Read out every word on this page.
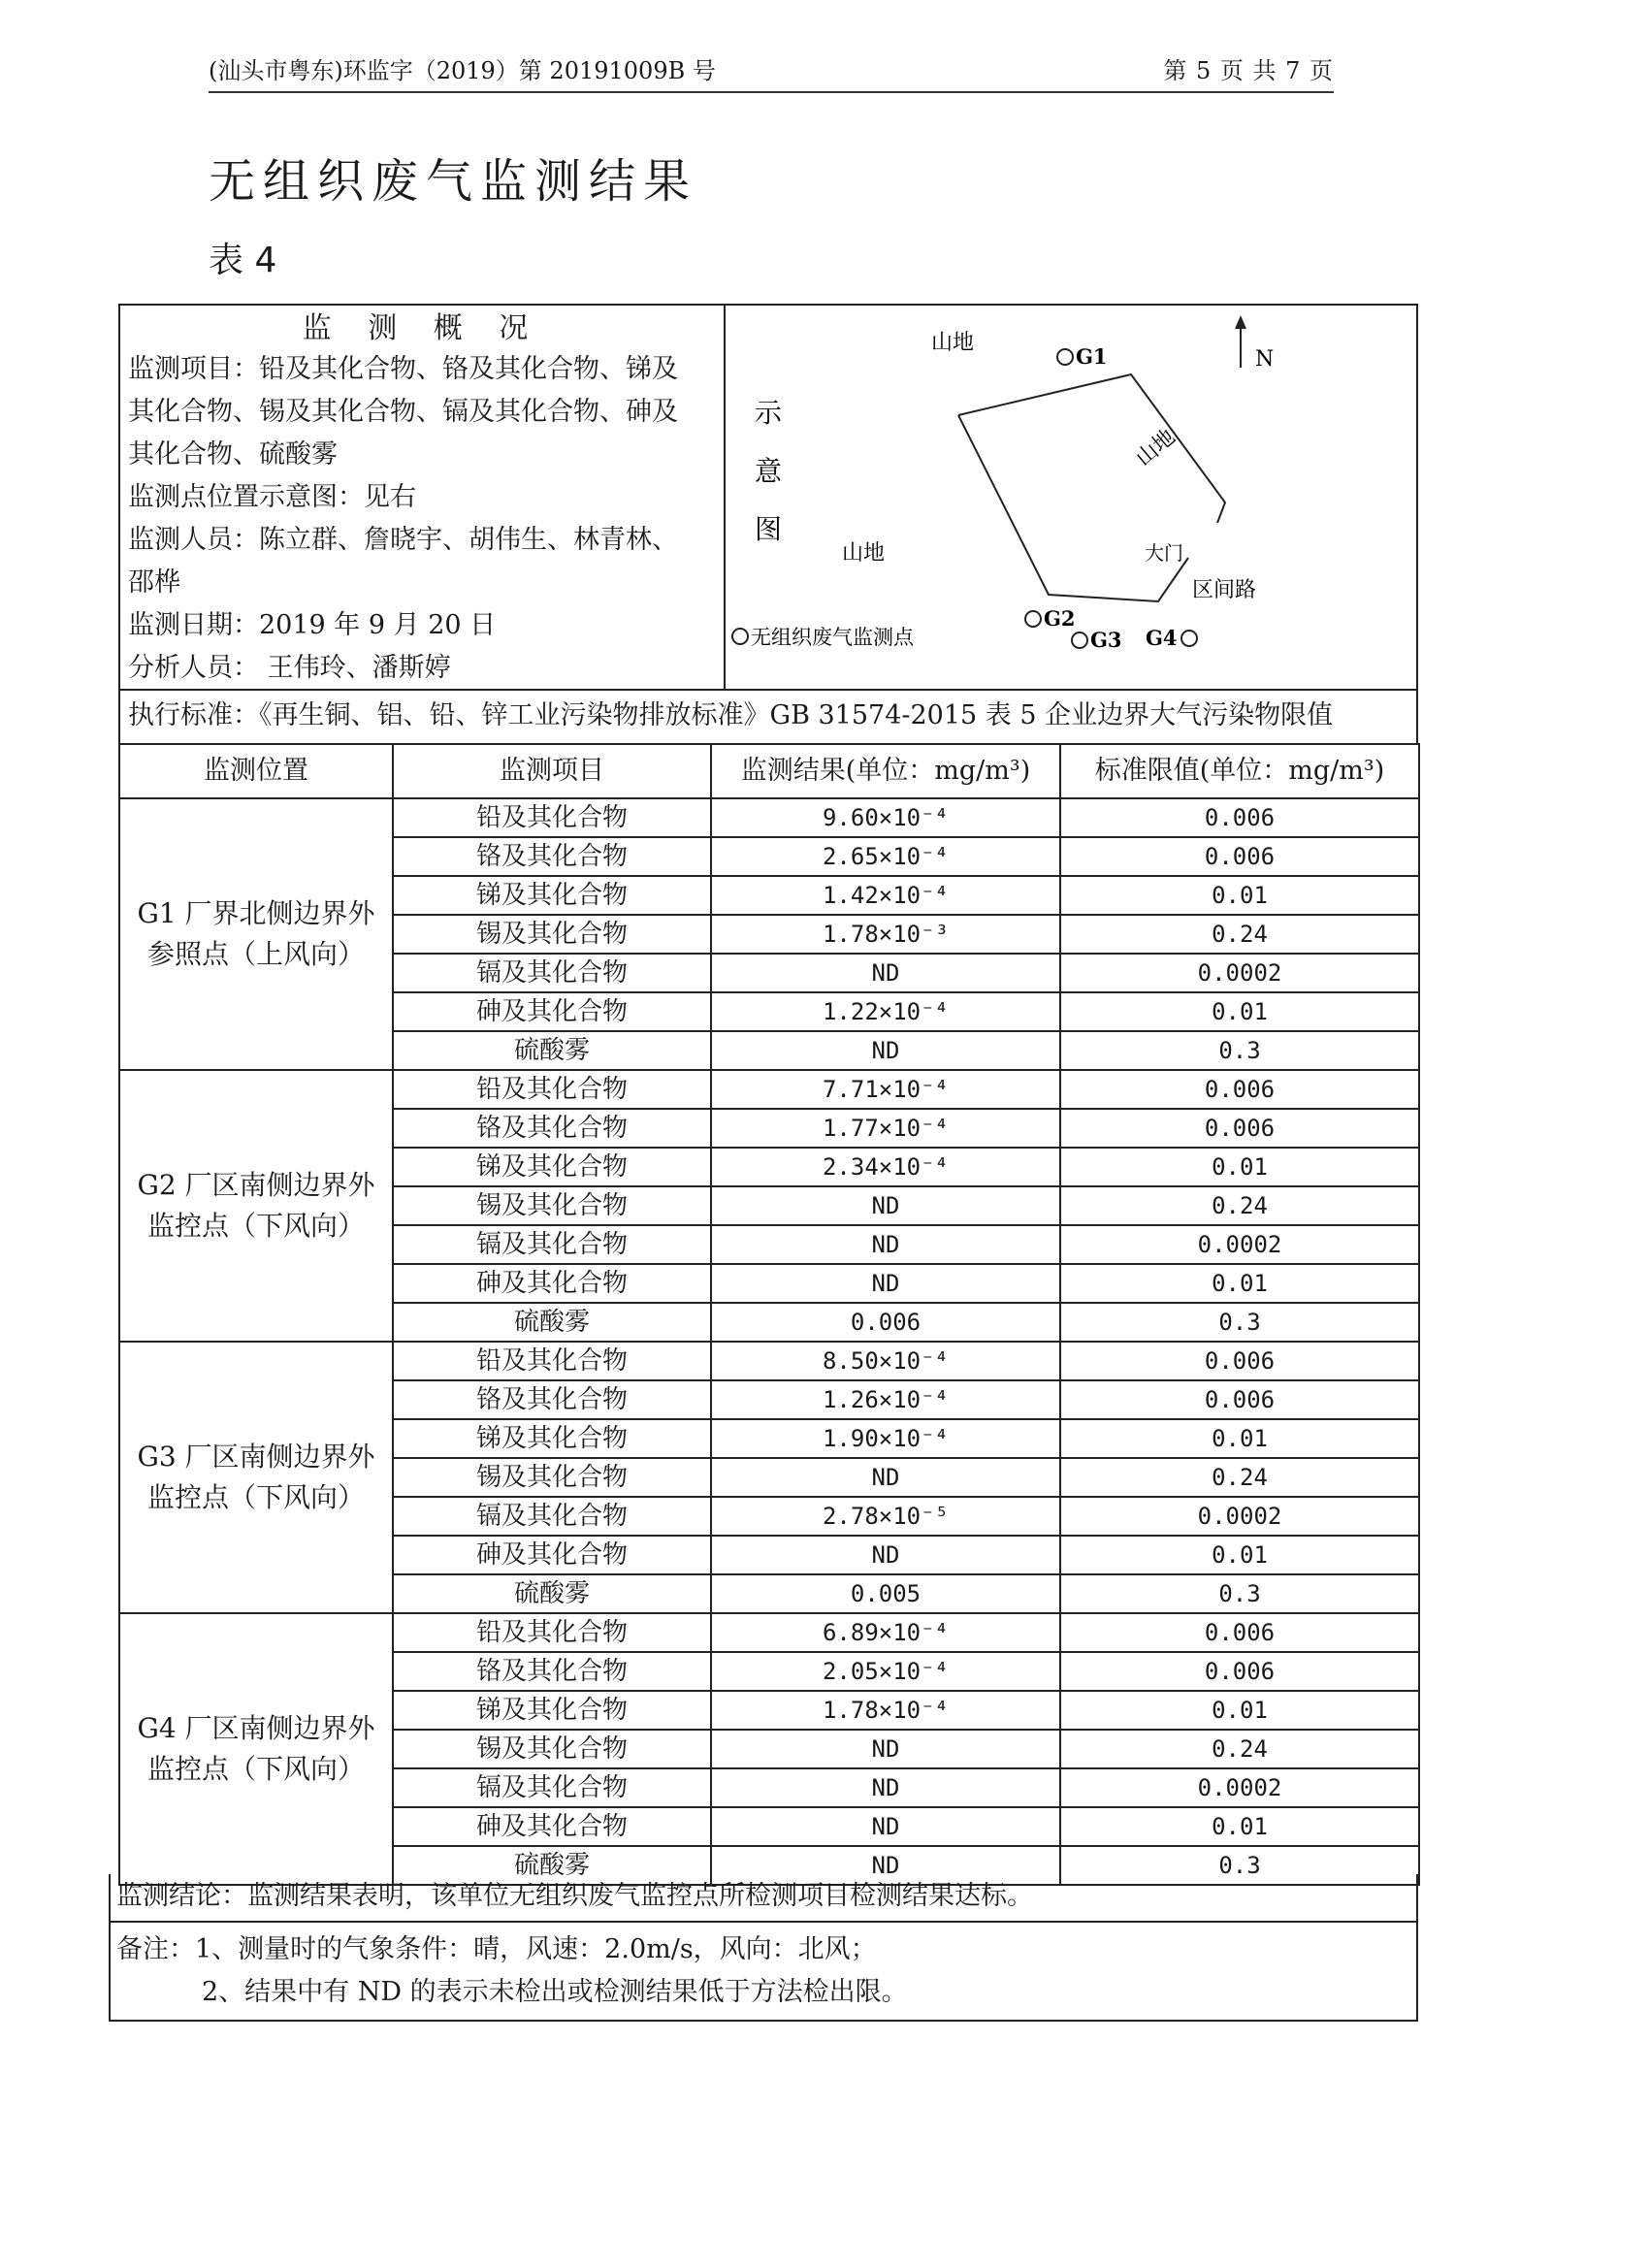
(汕头市粤东)环监字（2019）第 20191009B 号	第 5 页 共 7 页
无组织废气监测结果
表 4
监 测 概 况
监测项目：铅及其化合物、铬及其化合物、锑及
其化合物、锡及其化合物、镉及其化合物、砷及
其化合物、硫酸雾
监测点位置示意图：见右
监测人员：陈立群、詹晓宇、胡伟生、林青林、
邵桦
监测日期：2019 年 9 月 20 日
分析人员： 王伟玲、潘斯婷
示
意
图
山地
山地
山地	大门
区间路
N
G1
G2
G3 G4
无组织废气监测点
执行标准：《再生铜、铝、铅、锌工业污染物排放标准》GB 31574-2015 表 5 企业边界大气污染物限值
监测位置	监测项目	监测结果(单位：mg/m³)	标准限值(单位：mg/m³)

G1 厂界北侧边界外
参照点（上风向）	铅及其化合物	9.60×10⁻⁴	0.006
	铬及其化合物	2.65×10⁻⁴	0.006
	锑及其化合物	1.42×10⁻⁴	0.01
	锡及其化合物	1.78×10⁻³	0.24
	镉及其化合物	ND	0.0002
	砷及其化合物	1.22×10⁻⁴	0.01
	硫酸雾	ND	0.3

G2 厂区南侧边界外
监控点（下风向）	铅及其化合物	7.71×10⁻⁴	0.006
	铬及其化合物	1.77×10⁻⁴	0.006
	锑及其化合物	2.34×10⁻⁴	0.01
	锡及其化合物	ND	0.24
	镉及其化合物	ND	0.0002
	砷及其化合物	ND	0.01
	硫酸雾	0.006	0.3

G3 厂区南侧边界外
监控点（下风向）	铅及其化合物	8.50×10⁻⁴	0.006
	铬及其化合物	1.26×10⁻⁴	0.006
	锑及其化合物	1.90×10⁻⁴	0.01
	锡及其化合物	ND	0.24
	镉及其化合物	2.78×10⁻⁵	0.0002
	砷及其化合物	ND	0.01
	硫酸雾	0.005	0.3

G4 厂区南侧边界外
监控点（下风向）	铅及其化合物	6.89×10⁻⁴	0.006
	铬及其化合物	2.05×10⁻⁴	0.006
	锑及其化合物	1.78×10⁻⁴	0.01
	锡及其化合物	ND	0.24
	镉及其化合物	ND	0.0002
	砷及其化合物	ND	0.01
	硫酸雾	ND	0.3
监测结论：监测结果表明，该单位无组织废气监控点所检测项目检测结果达标。
备注：1、测量时的气象条件：晴，风速：2.0m/s，风向：北风；
2、结果中有 ND 的表示未检出或检测结果低于方法检出限。
